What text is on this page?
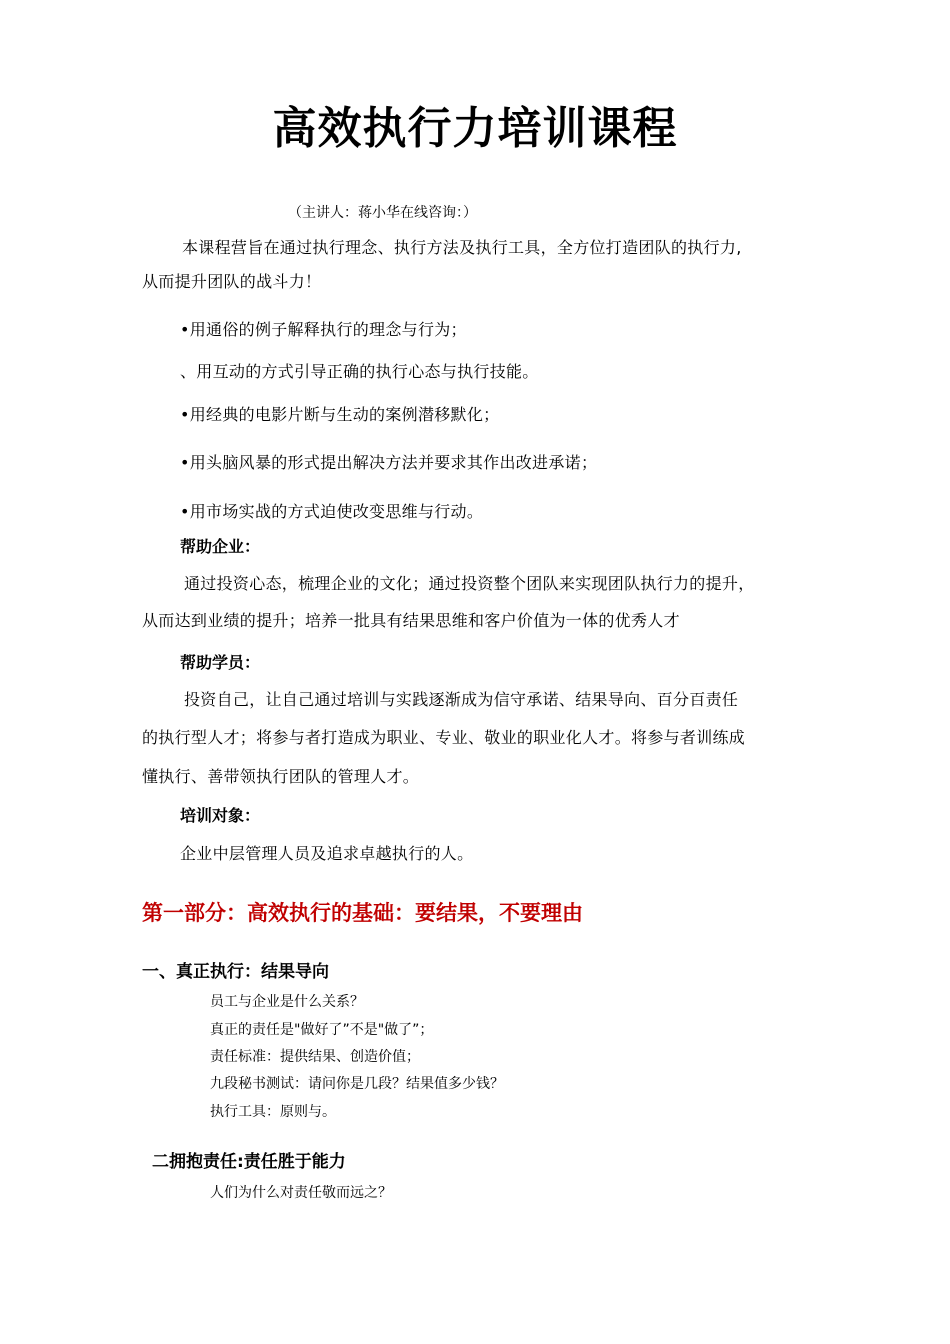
高效执行力培训课程
（主讲人：蒋小华在线咨询：）
本课程营旨在通过执行理念、执行方法及执行工具，全方位打造团队的执行力,
从而提升团队的战斗力！
•用通俗的例子解释执行的理念与行为；
、用互动的方式引导正确的执行心态与执行技能。
•用经典的电影片断与生动的案例潜移默化；
•用头脑风暴的形式提出解决方法并要求其作出改进承诺；
•用市场实战的方式迫使改变思维与行动。
帮助企业：
通过投资心态，梳理企业的文化；通过投资整个团队来实现团队执行力的提升，
从而达到业绩的提升；培养一批具有结果思维和客户价值为一体的优秀人才
帮助学员：
投资自己，让自己通过培训与实践逐渐成为信守承诺、结果导向、百分百责任
的执行型人才；将参与者打造成为职业、专业、敬业的职业化人才。将参与者训练成
懂执行、善带领执行团队的管理人才。
培训对象：
企业中层管理人员及追求卓越执行的人。
第一部分：高效执行的基础：要结果，不要理由
一、真正执行：结果导向
员工与企业是什么关系？
真正的责任是"做好了”不是"做了”；
责任标准：提供结果、创造价值；
九段秘书测试：请问你是几段？结果值多少钱？
执行工具：原则与。
二拥抱责任:责任胜于能力
人们为什么对责任敬而远之？
